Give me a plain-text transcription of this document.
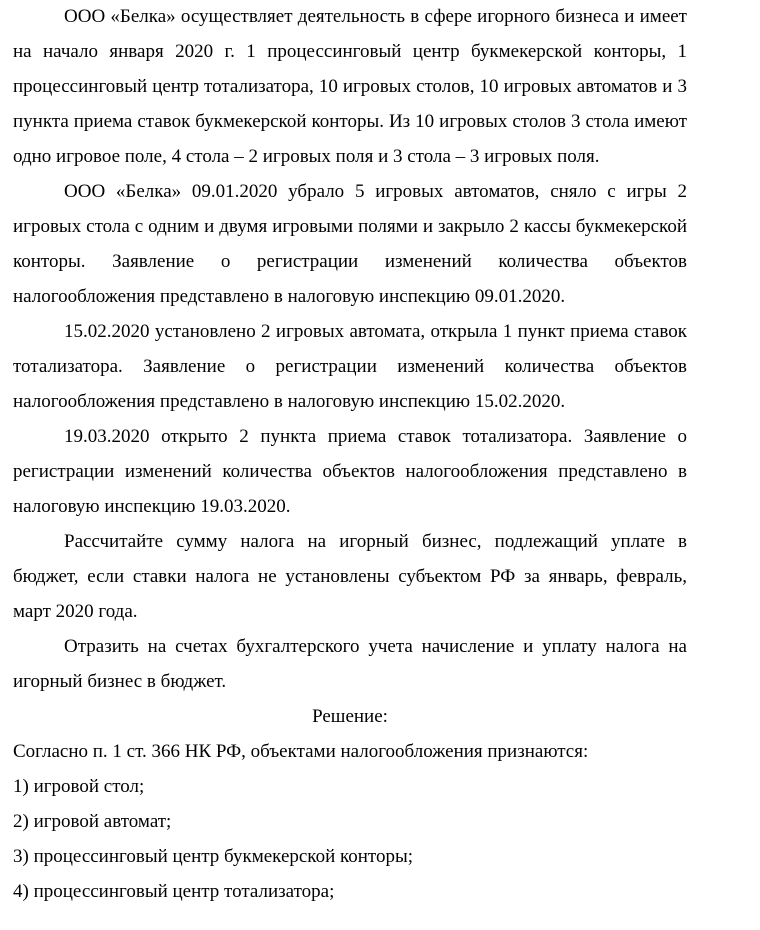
ООО «Белка» осуществляет деятельность в сфере игорного бизнеса и имеет на начало января 2020 г. 1 процессинговый центр букмекерской конторы, 1 процессинговый центр тотализатора, 10 игровых столов, 10 игровых автоматов и 3 пункта приема ставок букмекерской конторы. Из 10 игровых столов 3 стола имеют одно игровое поле, 4 стола – 2 игровых поля и 3 стола – 3 игровых поля.

ООО «Белка» 09.01.2020 убрало 5 игровых автоматов, сняло с игры 2 игровых стола с одним и двумя игровыми полями и закрыло 2 кассы букмекерской конторы. Заявление о регистрации изменений количества объектов налогообложения представлено в налоговую инспекцию 09.01.2020.

15.02.2020 установлено 2 игровых автомата, открыла 1 пункт приема ставок тотализатора. Заявление о регистрации изменений количества объектов налогообложения представлено в налоговую инспекцию 15.02.2020.

19.03.2020 открыто 2 пункта приема ставок тотализатора. Заявление о регистрации изменений количества объектов налогообложения представлено в налоговую инспекцию 19.03.2020.

Рассчитайте сумму налога на игорный бизнес, подлежащий уплате в бюджет, если ставки налога не установлены субъектом РФ за январь, февраль, март 2020 года.

Отразить на счетах бухгалтерского учета начисление и уплату налога на игорный бизнес в бюджет.

Решение:

Согласно п. 1 ст. 366 НК РФ, объектами налогообложения признаются:

1) игровой стол;

2) игровой автомат;

3) процессинговый центр букмекерской конторы;

4) процессинговый центр тотализатора;
